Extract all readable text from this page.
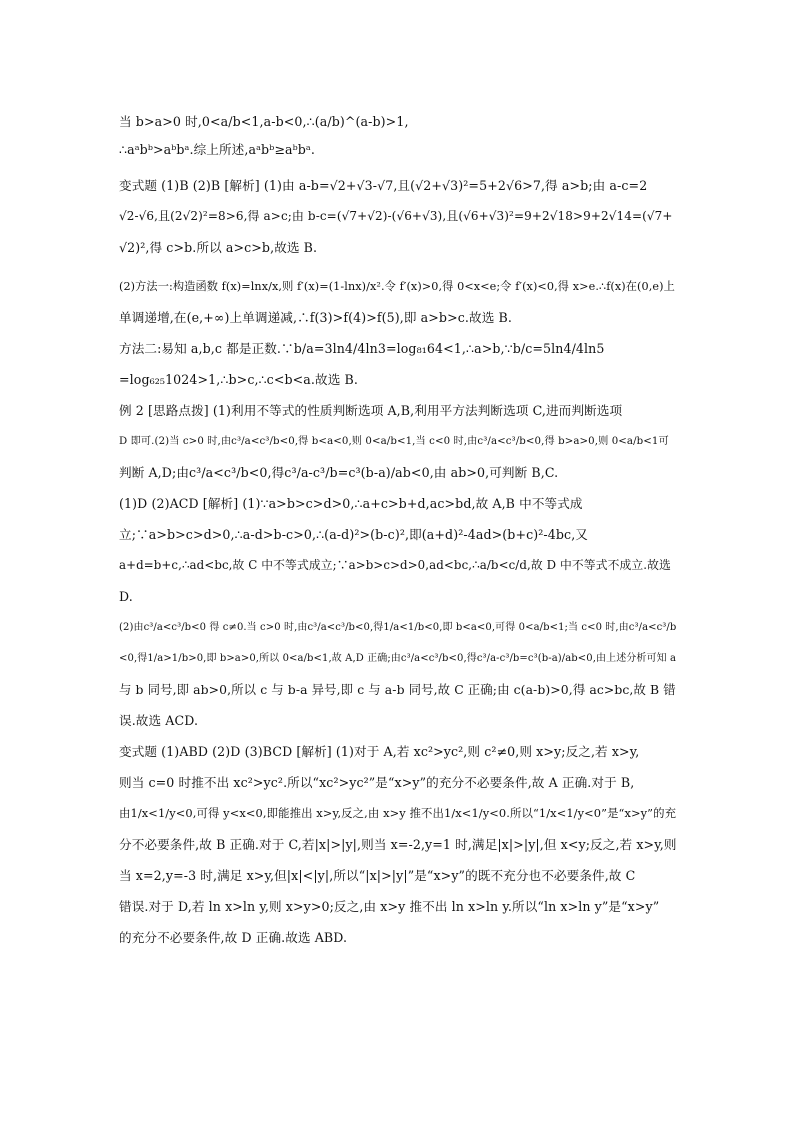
当 b>a>0 时,0<a/b<1,a-b<0,∴(a/b)^(a-b)>1,
∴aᵃbᵇ>aᵇbᵃ.综上所述,aᵃbᵇ≥aᵇbᵃ.
变式题 (1)B (2)B [解析] (1)由 a-b=√2+√3-√7,且(√2+√3)²=5+2√6>7,得 a>b;由 a-c=2
√2-√6,且(2√2)²=8>6,得 a>c;由 b-c=(√7+√2)-(√6+√3),且(√6+√3)²=9+2√18>9+2√14=(√7+
√2)²,得 c>b.所以 a>c>b,故选 B.
(2)方法一:构造函数 f(x)=lnx/x,则 f′(x)=(1-lnx)/x².令 f′(x)>0,得 0<x<e;令 f′(x)<0,得 x>e.∴f(x)在(0,e)上
单调递增,在(e,+∞)上单调递减,∴f(3)>f(4)>f(5),即 a>b>c.故选 B.
方法二:易知 a,b,c 都是正数.∵b/a=3ln4/4ln3=log₈₁64<1,∴a>b,∵b/c=5ln4/4ln5
=log₆₂₅1024>1,∴b>c,∴c<b<a.故选 B.
例 2 [思路点拨] (1)利用不等式的性质判断选项 A,B,利用平方法判断选项 C,进而判断选项
D 即可.(2)当 c>0 时,由c³/a<c³/b<0,得 b<a<0,则 0<a/b<1,当 c<0 时,由c³/a<c³/b<0,得 b>a>0,则 0<a/b<1可
判断 A,D;由c³/a<c³/b<0,得c³/a-c³/b=c³(b-a)/ab<0,由 ab>0,可判断 B,C.
(1)D (2)ACD [解析] (1)∵a>b>c>d>0,∴a+c>b+d,ac>bd,故 A,B 中不等式成
立;∵a>b>c>d>0,∴a-d>b-c>0,∴(a-d)²>(b-c)²,即(a+d)²-4ad>(b+c)²-4bc,又
a+d=b+c,∴ad<bc,故 C 中不等式成立;∵a>b>c>d>0,ad<bc,∴a/b<c/d,故 D 中不等式不成立.故选
D.
(2)由c³/a<c³/b<0 得 c≠0.当 c>0 时,由c³/a<c³/b<0,得1/a<1/b<0,即 b<a<0,可得 0<a/b<1;当 c<0 时,由c³/a<c³/b
<0,得1/a>1/b>0,即 b>a>0,所以 0<a/b<1,故 A,D 正确;由c³/a<c³/b<0,得c³/a-c³/b=c³(b-a)/ab<0,由上述分析可知 a
与 b 同号,即 ab>0,所以 c 与 b-a 异号,即 c 与 a-b 同号,故 C 正确;由 c(a-b)>0,得 ac>bc,故 B 错
误.故选 ACD.
变式题 (1)ABD (2)D (3)BCD [解析] (1)对于 A,若 xc²>yc²,则 c²≠0,则 x>y;反之,若 x>y,
则当 c=0 时推不出 xc²>yc².所以“xc²>yc²”是“x>y”的充分不必要条件,故 A 正确.对于 B,
由1/x<1/y<0,可得 y<x<0,即能推出 x>y,反之,由 x>y 推不出1/x<1/y<0.所以“1/x<1/y<0”是“x>y”的充
分不必要条件,故 B 正确.对于 C,若|x|>|y|,则当 x=-2,y=1 时,满足|x|>|y|,但 x<y;反之,若 x>y,则
当 x=2,y=-3 时,满足 x>y,但|x|<|y|,所以“|x|>|y|”是“x>y”的既不充分也不必要条件,故 C
错误.对于 D,若 ln x>ln y,则 x>y>0;反之,由 x>y 推不出 ln x>ln y.所以“ln x>ln y”是“x>y”
的充分不必要条件,故 D 正确.故选 ABD.
